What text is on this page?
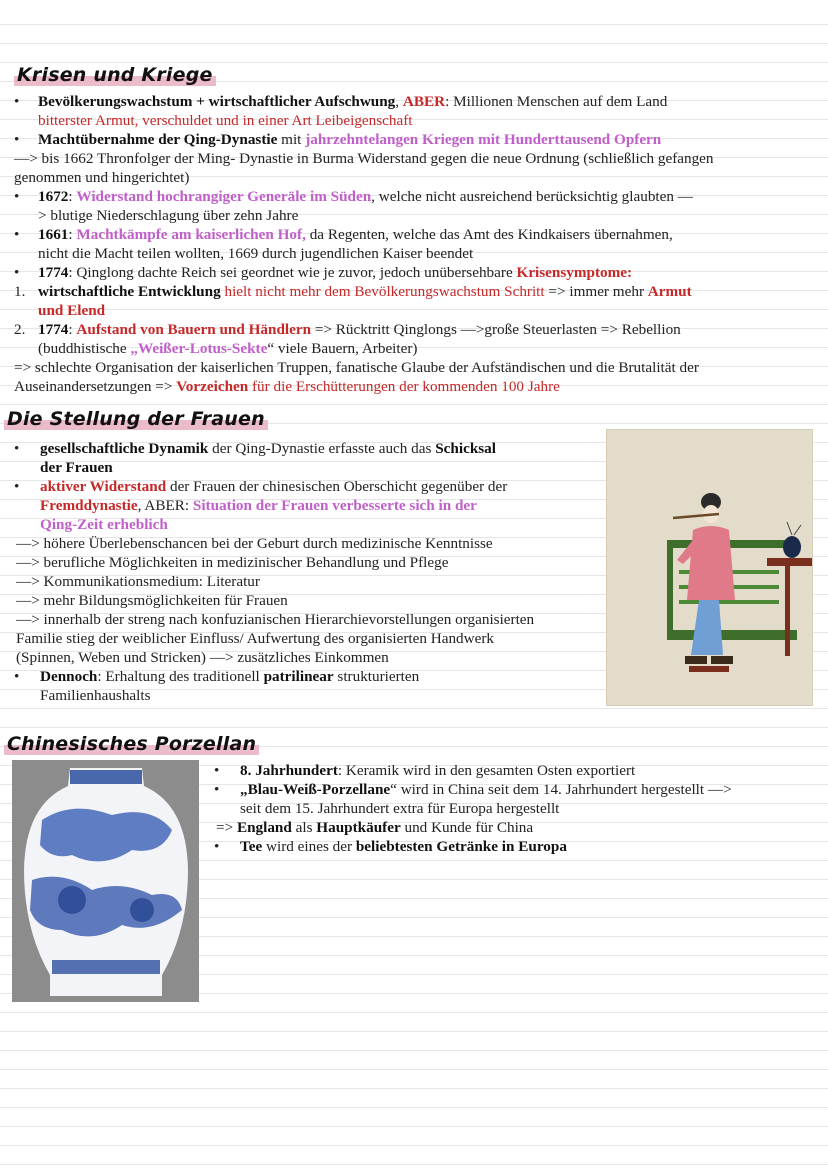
Krisen und Kriege
• Bevölkerungswachstum + wirtschaftlicher Aufschwung, ABER: Millionen Menschen auf dem Land
bitterster Armut, verschuldet und in einer Art Leibeigenschaft
• Machtübernahme der Qing-Dynastie mit jahrzehntelangen Kriegen mit Hunderttausend Opfern
—> bis 1662 Thronfolger der Ming- Dynastie in Burma Widerstand gegen die neue Ordnung (schließlich gefangen
genommen und hingerichtet)
• 1672: Widerstand hochrangiger Generäle im Süden, welche nicht ausreichend berücksichtig glaubten —
> blutige Niederschlagung über zehn Jahre
• 1661: Machtkämpfe am kaiserlichen Hof, da Regenten, welche das Amt des Kindkaisers übernahmen,
nicht die Macht teilen wollten, 1669 durch jugendlichen Kaiser beendet
• 1774: Qinglong dachte Reich sei geordnet wie je zuvor, jedoch unübersehbare Krisensymptome:
1. wirtschaftliche Entwicklung hielt nicht mehr dem Bevölkerungswachstum Schritt => immer mehr Armut
und Elend
2. 1774: Aufstand von Bauern und Händlern => Rücktritt Qinglongs —>große Steuerlasten => Rebellion
(buddhistische „Weißer-Lotus-Sekte“ viele Bauern, Arbeiter)
=> schlechte Organisation der kaiserlichen Truppen, fanatische Glaube der Aufständischen und die Brutalität der
Auseinandersetzungen => Vorzeichen für die Erschütterungen der kommenden 100 Jahre
Die Stellung der Frauen
• gesellschaftliche Dynamik der Qing-Dynastie erfasste auch das Schicksal
der Frauen
• aktiver Widerstand der Frauen der chinesischen Oberschicht gegenüber der
Fremddynastie, ABER: Situation der Frauen verbesserte sich in der
Qing-Zeit erheblich
—> höhere Überlebenschancen bei der Geburt durch medizinische Kenntnisse
—> berufliche Möglichkeiten in medizinischer Behandlung und Pflege
—> Kommunikationsmedium: Literatur
—> mehr Bildungsmöglichkeiten für Frauen
—> innerhalb der streng nach konfuzianischen Hierarchievorstellungen organisierten
Familie stieg der weiblicher Einfluss/ Aufwertung des organisierten Handwerk
(Spinnen, Weben und Stricken) —> zusätzliches Einkommen
• Dennoch: Erhaltung des traditionell patrilinear strukturierten
Familienhaushalts
Chinesisches Porzellan
• 8. Jahrhundert: Keramik wird in den gesamten Osten exportiert
• „Blau-Weiß-Porzellane“ wird in China seit dem 14. Jahrhundert hergestellt —>
seit dem 15. Jahrhundert extra für Europa hergestellt
=> England als Hauptkäufer und Kunde für China
• Tee wird eines der beliebtesten Getränke in Europa
